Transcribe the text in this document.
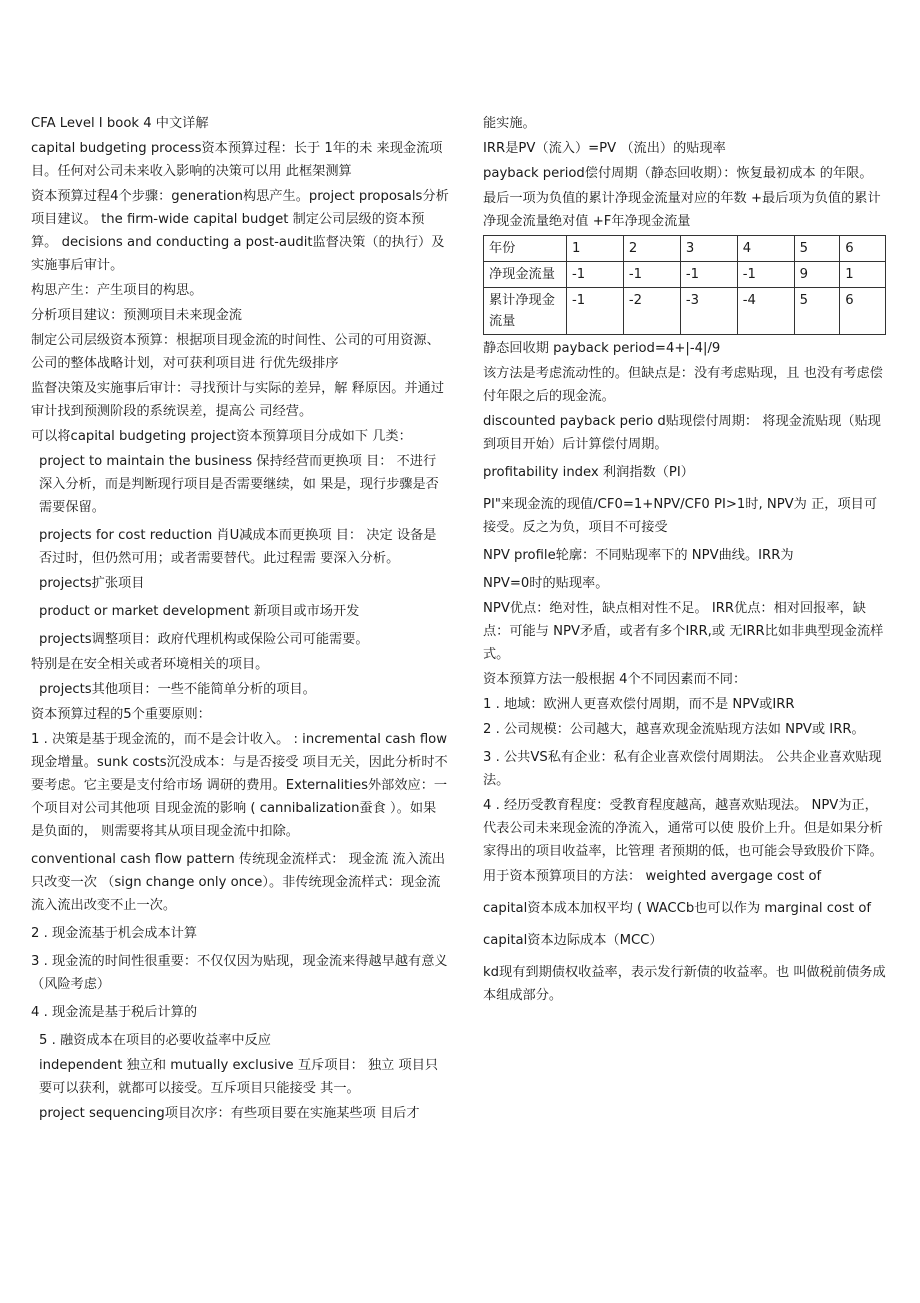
CFA Level I book 4 中文详解
capital budgeting process资本预算过程：长于 1年的未 来现金流项目。任何对公司未来收入影响的决策可以用 此框架测算
资本预算过程4个步骤：generation构思产生。project proposals分析项目建议。 the firm-wide capital budget 制定公司层级的资本预算。 decisions and conducting a post-audit监督决策（的执行）及实施事后审计。
构思产生：产生项目的构思。
分析项目建议：预测项目未来现金流
制定公司层级资本预算：根据项目现金流的时间性、公司的可用资源、公司的整体战略计划，对可获利项目进 行优先级排序
监督决策及实施事后审计：寻找预计与实际的差异，解 释原因。并通过审计找到预测阶段的系统误差，提高公 司经营。
可以将capital budgeting project资本预算项目分成如下 几类：
project to maintain the business 保持经营而更换项 目： 不进行深入分析，而是判断现行项目是否需要继续，如 果是，现行步骤是否需要保留。
projects for cost reduction 肖U减成本而更换项 目： 决定 设备是否过时，但仍然可用；或者需要替代。此过程需 要深入分析。
projects扩张项目
product or market development 新项目或市场开发
projects调整项目：政府代理机构或保险公司可能需要。
特别是在安全相关或者环境相关的项目。
projects其他项目：一些不能简单分析的项目。
资本预算过程的5个重要原则：
1 . 决策是基于现金流的，而不是会计收入。 : incremental cash flow现金增量。sunk costs沉没成本：与是否接受 项目无关，因此分析时不要考虑。它主要是支付给市场 调研的费用。Externalities外部效应：一个项目对公司其他项 目现金流的影响 ( cannibalization蚕食 ）。如果是负面的， 则需要将其从项目现金流中扣除。
conventional cash flow pattern 传统现金流样式： 现金流 流入流出只改变一次 （sign change only once）。非传统现金流样式：现金流流入流出改变不止一次。
2 . 现金流基于机会成本计算
3 . 现金流的时间性很重要：不仅仅因为贴现，现金流来得越早越有意义（风险考虑）
4 . 现金流是基于税后计算的
5 . 融资成本在项目的必要收益率中反应
independent 独立和 mutually exclusive 互斥项目： 独立 项目只要可以获利，就都可以接受。互斥项目只能接受 其一。
project sequencing项目次序：有些项目要在实施某些项 目后才
能实施。
IRR是PV（流入）=PV （流出）的贴现率
payback period偿付周期（静态回收期）：恢复最初成本 的年限。
最后一项为负值的累计净现金流量对应的年数 +最后项为负值的累计净现金流量绝对值 +F年净现金流量
年份	1	2	3	4	5	6
净现金流量	-1	-1	-1	-1	9	1
累计净现金流量	-1	-2	-3	-4	5	6
静态回收期 payback period=4+|-4|/9
该方法是考虑流动性的。但缺点是：没有考虑贴现，且 也没有考虑偿付年限之后的现金流。
discounted payback perio d贴现偿付周期： 将现金流贴现（贴现到项目开始）后计算偿付周期。
profitability index 利润指数（PI）
PI"来现金流的现值/CF0=1+NPV/CF0 PI>1时, NPV为 正，项目可接受。反之为负，项目不可接受
NPV profile轮廓：不同贴现率下的 NPV曲线。IRR为
NPV=0时的贴现率。
NPV优点：绝对性，缺点相对性不足。 IRR优点：相对回报率，缺点：可能与 NPV矛盾，或者有多个IRR,或 无IRR比如非典型现金流样式。
资本预算方法一般根据 4个不同因素而不同：
1 . 地域：欧洲人更喜欢偿付周期，而不是 NPV或IRR
2 . 公司规模：公司越大，越喜欢现金流贴现方法如 NPV或 IRR。
3 . 公共VS私有企业：私有企业喜欢偿付周期法。 公共企业喜欢贴现法。
4 . 经历受教育程度：受教育程度越高，越喜欢贴现法。 NPV为正，代表公司未来现金流的净流入，通常可以使 股价上升。但是如果分析家得出的项目收益率，比管理 者预期的低，也可能会导致股价下降。
用于资本预算项目的方法： weighted avergage cost of
capital资本成本加权平均 ( WACCb也可以作为 marginal cost of
capital资本边际成本（MCC）
kd现有到期债权收益率，表示发行新债的收益率。也 叫做税前债务成本组成部分。
